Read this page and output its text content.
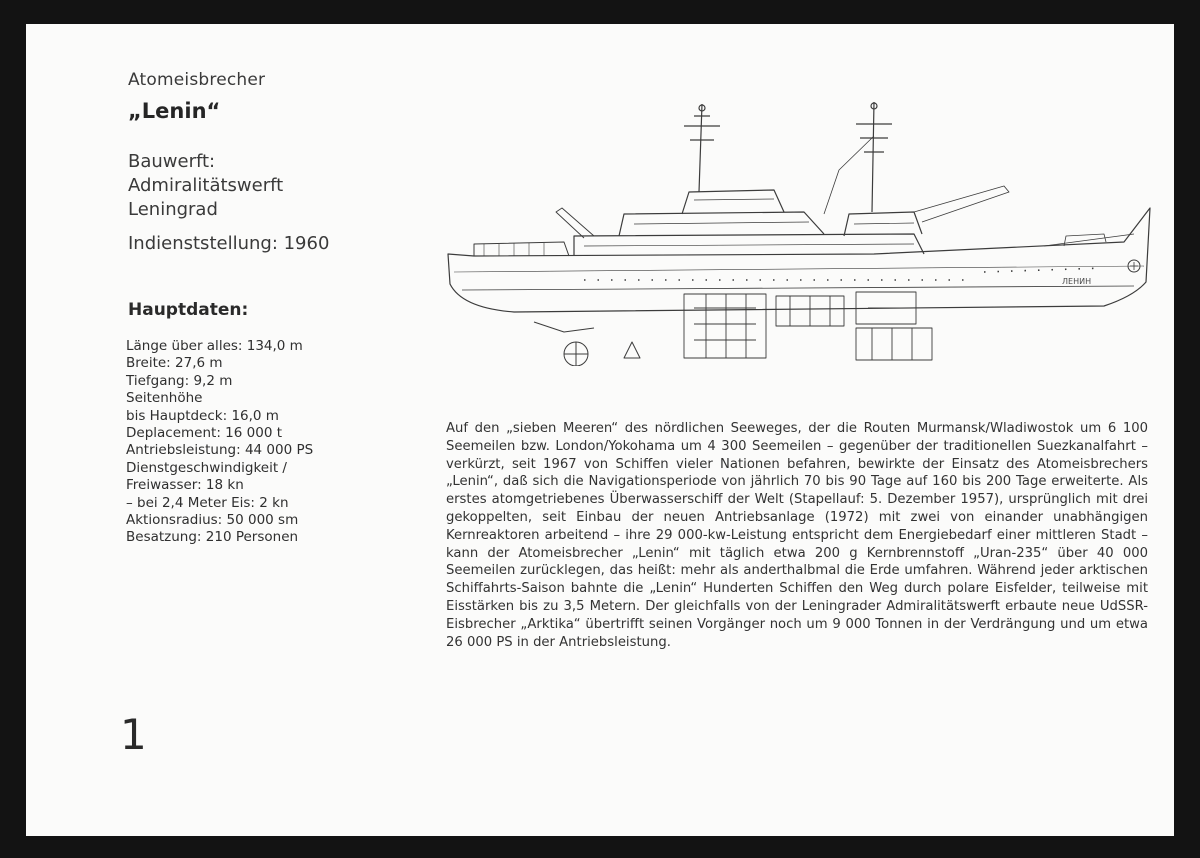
Atomeisbrecher
„Lenin“
Bauwerft:
Admiralitätswerft
Leningrad
Indienststellung: 1960
Hauptdaten:
Länge über alles: 134,0 m
Breite: 27,6 m
Tiefgang: 9,2 m
Seitenhöhe
bis Hauptdeck: 16,0 m
Deplacement: 16 000 t
Antriebsleistung: 44 000 PS
Dienstgeschwindigkeit /
Freiwasser: 18 kn
– bei 2,4 Meter Eis: 2 kn
Aktionsradius: 50 000 sm
Besatzung: 210 Personen
1
ЛЕНИН
Auf den „sieben Meeren“ des nördlichen Seeweges, der die Routen Murmansk/Wladiwostok um 6 100 Seemeilen bzw. London/Yokohama um 4 300 Seemeilen – gegenüber der traditionellen Suezkanalfahrt – verkürzt, seit 1967 von Schiffen vieler Nationen befahren, bewirkte der Einsatz des Atomeisbrechers „Lenin“, daß sich die Navigationsperiode von jährlich 70 bis 90 Tage auf 160 bis 200 Tage erweiterte. Als erstes atomgetriebenes Überwasserschiff der Welt (Stapellauf: 5. Dezember 1957), ursprünglich mit drei gekoppelten, seit Einbau der neuen Antriebsanlage (1972) mit zwei von einander unabhängigen Kernreaktoren arbeitend – ihre 29 000-kw-Leistung entspricht dem Energiebedarf einer mittleren Stadt – kann der Atomeisbrecher „Lenin“ mit täglich etwa 200 g Kernbrennstoff „Uran-235“ über 40 000 Seemeilen zurücklegen, das heißt: mehr als anderthalbmal die Erde umfahren. Während jeder arktischen Schiffahrts-Saison bahnte die „Lenin“ Hunderten Schiffen den Weg durch polare Eisfelder, teilweise mit Eisstärken bis zu 3,5 Metern. Der gleichfalls von der Leningrader Admiralitätswerft erbaute neue UdSSR-Eisbrecher „Arktika“ übertrifft seinen Vorgänger noch um 9 000 Tonnen in der Verdrängung und um etwa 26 000 PS in der Antriebsleistung.
